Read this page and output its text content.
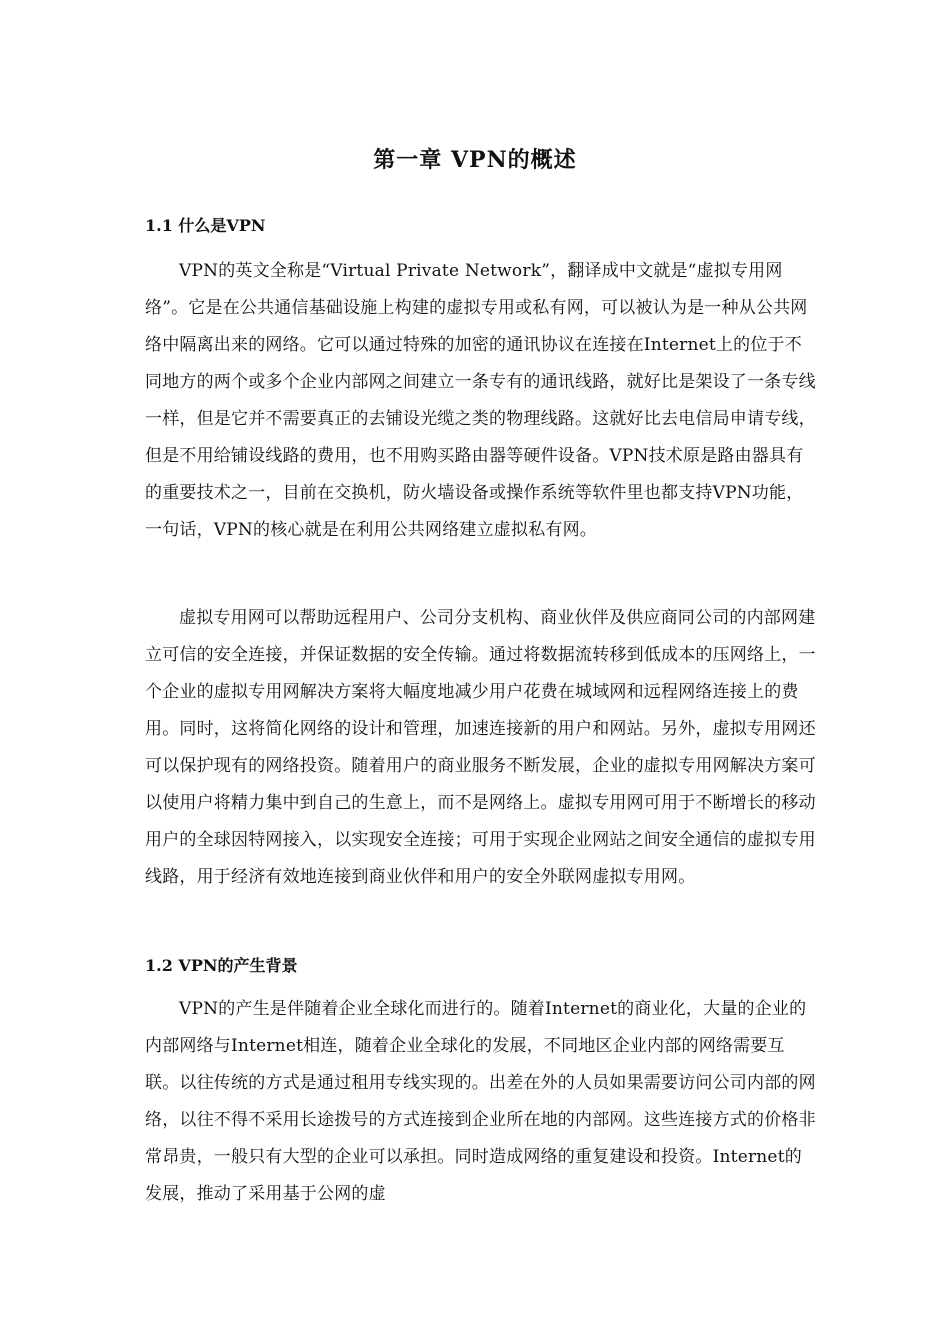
第一章 VPN的概述
1.1 什么是VPN

VPN的英文全称是“Virtual Private Network”，翻译成中文就是“虚拟专用网络”。它是在公共通信基础设施上构建的虚拟专用或私有网，可以被认为是一种从公共网络中隔离出来的网络。它可以通过特殊的加密的通讯协议在连接在Internet上的位于不同地方的两个或多个企业内部网之间建立一条专有的通讯线路，就好比是架设了一条专线一样，但是它并不需要真正的去铺设光缆之类的物理线路。这就好比去电信局申请专线，但是不用给铺设线路的费用，也不用购买路由器等硬件设备。VPN技术原是路由器具有的重要技术之一，目前在交换机，防火墙设备或操作系统等软件里也都支持VPN功能，一句话，VPN的核心就是在利用公共网络建立虚拟私有网。

虚拟专用网可以帮助远程用户、公司分支机构、商业伙伴及供应商同公司的内部网建立可信的安全连接，并保证数据的安全传输。通过将数据流转移到低成本的压网络上，一个企业的虚拟专用网解决方案将大幅度地减少用户花费在城域网和远程网络连接上的费用。同时，这将简化网络的设计和管理，加速连接新的用户和网站。另外，虚拟专用网还可以保护现有的网络投资。随着用户的商业服务不断发展，企业的虚拟专用网解决方案可以使用户将精力集中到自己的生意上，而不是网络上。虚拟专用网可用于不断增长的移动用户的全球因特网接入，以实现安全连接；可用于实现企业网站之间安全通信的虚拟专用线路，用于经济有效地连接到商业伙伴和用户的安全外联网虚拟专用网。

1.2 VPN的产生背景

VPN的产生是伴随着企业全球化而进行的。随着Internet的商业化，大量的企业的内部网络与Internet相连，随着企业全球化的发展，不同地区企业内部的网络需要互联。以往传统的方式是通过租用专线实现的。出差在外的人员如果需要访问公司内部的网络，以往不得不采用长途拨号的方式连接到企业所在地的内部网。这些连接方式的价格非常昂贵，一般只有大型的企业可以承担。同时造成网络的重复建设和投资。Internet的发展，推动了采用基于公网的虚
